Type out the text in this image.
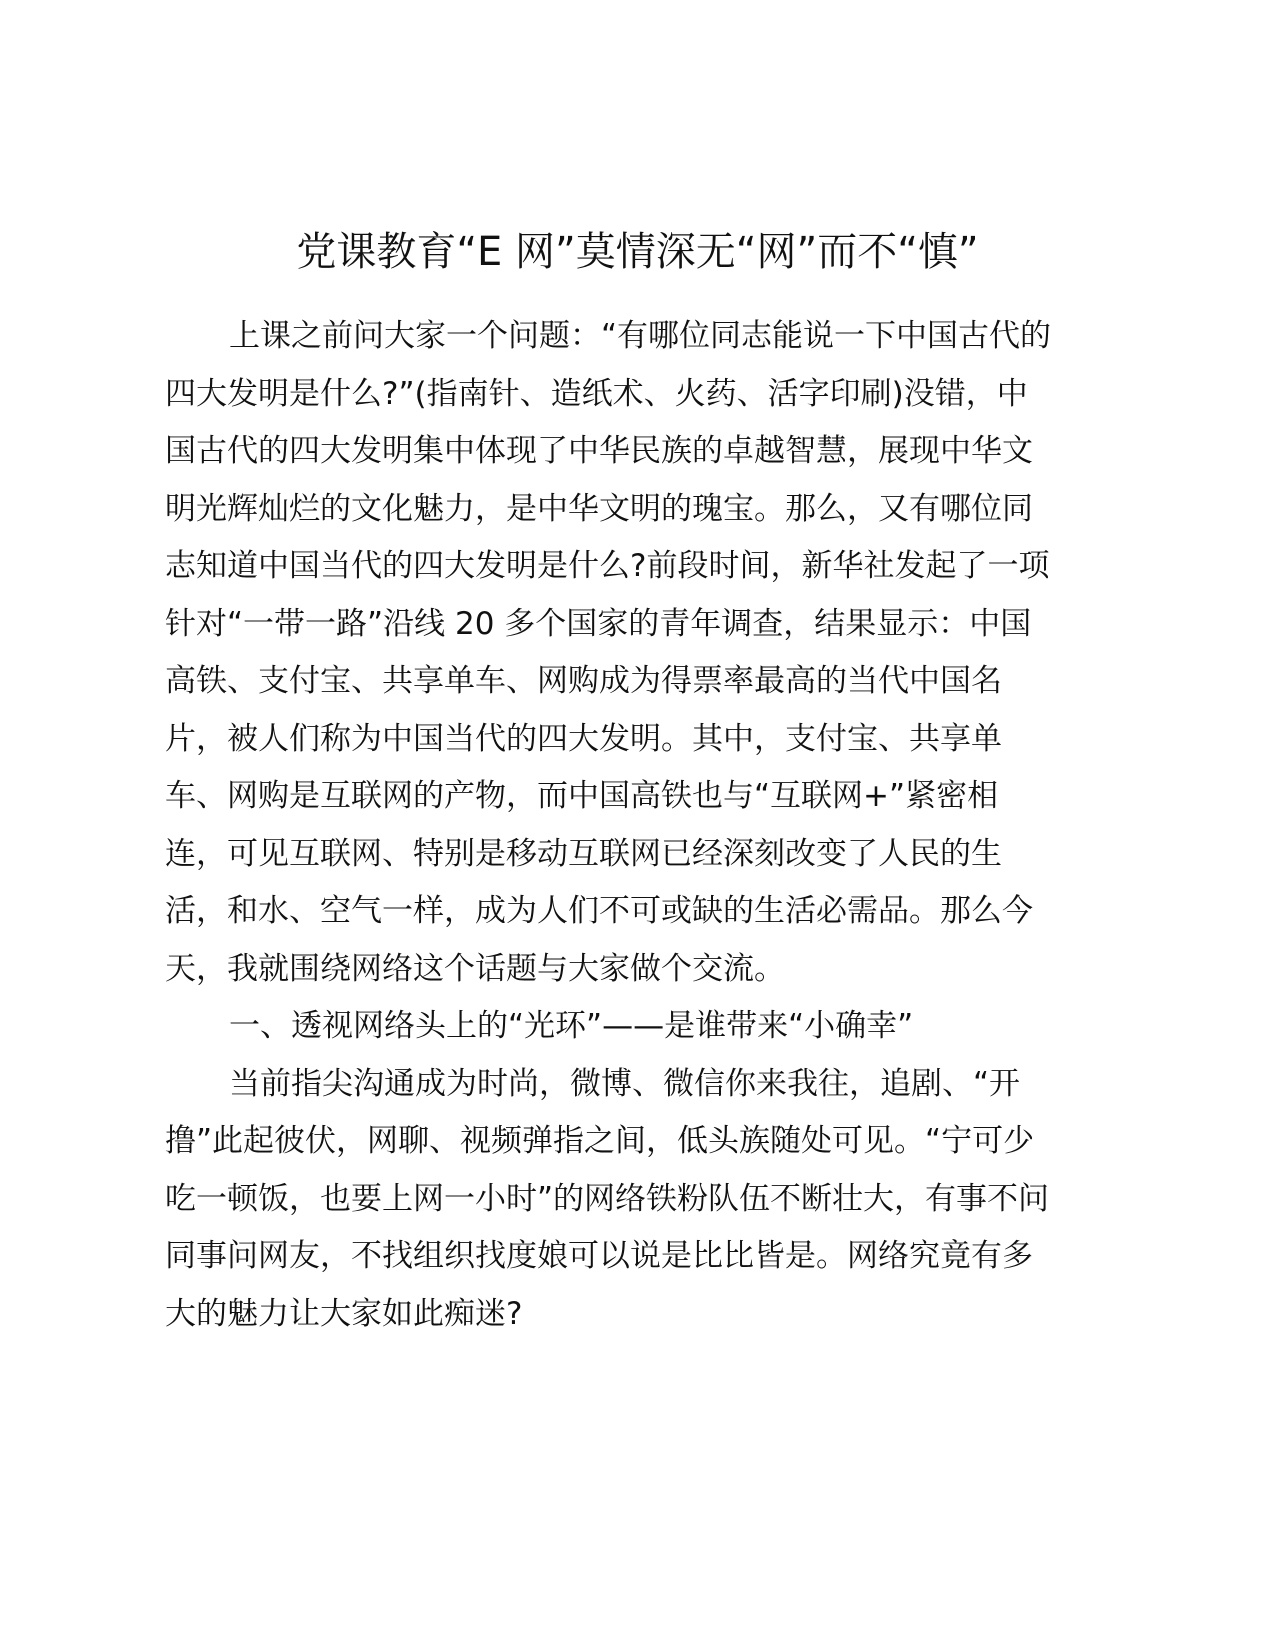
党课教育“E 网”莫情深无“网”而不“慎”

上课之前问大家一个问题：“有哪位同志能说一下中国古代的
四大发明是什么?”(指南针、造纸术、火药、活字印刷)没错，中
国古代的四大发明集中体现了中华民族的卓越智慧，展现中华文
明光辉灿烂的文化魅力，是中华文明的瑰宝。那么，又有哪位同
志知道中国当代的四大发明是什么?前段时间，新华社发起了一项
针对“一带一路”沿线 20 多个国家的青年调查，结果显示：中国
高铁、支付宝、共享单车、网购成为得票率最高的当代中国名
片，被人们称为中国当代的四大发明。其中，支付宝、共享单
车、网购是互联网的产物，而中国高铁也与“互联网+”紧密相
连，可见互联网、特别是移动互联网已经深刻改变了人民的生
活，和水、空气一样，成为人们不可或缺的生活必需品。那么今
天，我就围绕网络这个话题与大家做个交流。

一、透视网络头上的“光环”——是谁带来“小确幸”

当前指尖沟通成为时尚，微博、微信你来我往，追剧、“开
撸”此起彼伏，网聊、视频弹指之间，低头族随处可见。“宁可少
吃一顿饭，也要上网一小时”的网络铁粉队伍不断壮大，有事不问
同事问网友，不找组织找度娘可以说是比比皆是。网络究竟有多
大的魅力让大家如此痴迷?
